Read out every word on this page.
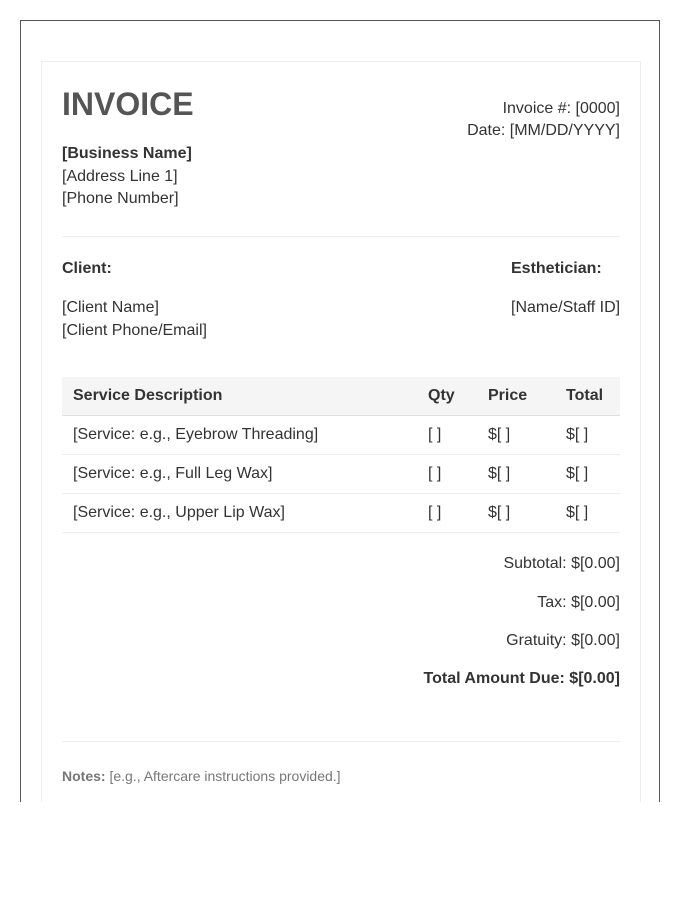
INVOICE	Invoice #: [0000]
Date: [MM/DD/YYYY]
[Business Name]
[Address Line 1]
[Phone Number]
Client:	Esthetician:
[Client Name]
[Client Phone/Email]
[Name/Staff ID]
Service Description	Qty	Price	Total
[Service: e.g., Eyebrow Threading]	[ ]	$[ ]	$[ ]
[Service: e.g., Full Leg Wax]	[ ]	$[ ]	$[ ]
[Service: e.g., Upper Lip Wax]	[ ]	$[ ]	$[ ]
Subtotal: $[0.00]
Tax: $[0.00]
Gratuity: $[0.00]
Total Amount Due: $[0.00]
Notes: [e.g., Aftercare instructions provided.]
